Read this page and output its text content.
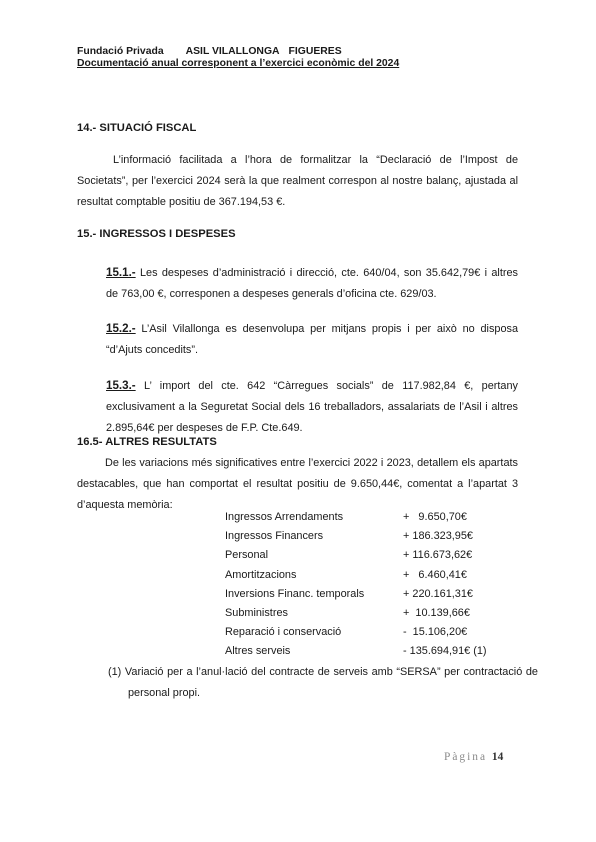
Fundació Privada ASIL VILALLONGA FIGUERES
Documentació anual corresponent a l’exercici econòmic del 2024
14.- SITUACIÓ FISCAL
L’informació facilitada a l’hora de formalitzar la “Declaració de l’Impost de Societats”, per l’exercici 2024 serà la que realment correspon al nostre balanç, ajustada al resultat comptable positiu de 367.194,53 €.
15.- INGRESSOS I DESPESES
15.1.- Les despeses d’administració i direcció, cte. 640/04, son 35.642,79€ i altres de 763,00 €, corresponen a despeses generals d’oficina cte. 629/03.
15.2.- L’Asil Vilallonga es desenvolupa per mitjans propis i per això no disposa “d’Ajuts concedits”.
15.3.- L’ import del cte. 642 “Càrregues socials” de 117.982,84 €, pertany exclusivament a la Seguretat Social dels 16 treballadors, assalariats de l’Asil i altres 2.895,64€ per despeses de F.P. Cte.649.
16.5- ALTRES RESULTATS
De les variacions més significatives entre l’exercici 2022 i 2023, detallem els apartats destacables, que han comportat el resultat positiu de 9.650,44€, comentat a l’apartat 3 d’aquesta memòria:
Ingressos Arrendaments	+   9.650,70€
Ingressos Financers	+ 186.323,95€
Personal	+ 116.673,62€
Amortitzacions	+   6.460,41€
Inversions Financ. temporals	+ 220.161,31€
Subministres	+  10.139,66€
Reparació i conservació	-  15.106,20€
Altres serveis	- 135.694,91€ (1)
(1) Variació per a l’anul·lació del contracte de serveis amb “SERSA” per contractació de personal propi.
Pàgina 14
